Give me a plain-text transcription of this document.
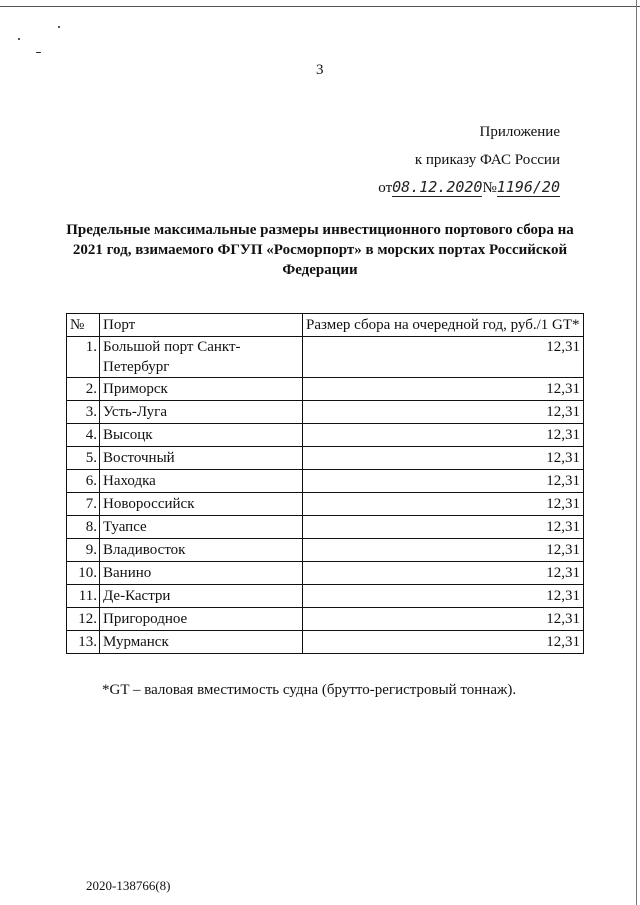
3
Приложение
к приказу ФАС России
от08.12.2020№1196/20
Предельные максимальные размеры инвестиционного портового сбора на 2021 год, взимаемого ФГУП «Росморпорт» в морских портах Российской Федерации
№	Порт	Размер сбора на очередной год, руб./1 GT*
1.	Большой порт Санкт-Петербург	12,31
2.	Приморск	12,31
3.	Усть-Луга	12,31
4.	Высоцк	12,31
5.	Восточный	12,31
6.	Находка	12,31
7.	Новороссийск	12,31
8.	Туапсе	12,31
9.	Владивосток	12,31
10.	Ванино	12,31
11.	Де-Кастри	12,31
12.	Пригородное	12,31
13.	Мурманск	12,31
*GT – валовая вместимость судна (брутто-регистровый тоннаж).
2020-138766(8)
